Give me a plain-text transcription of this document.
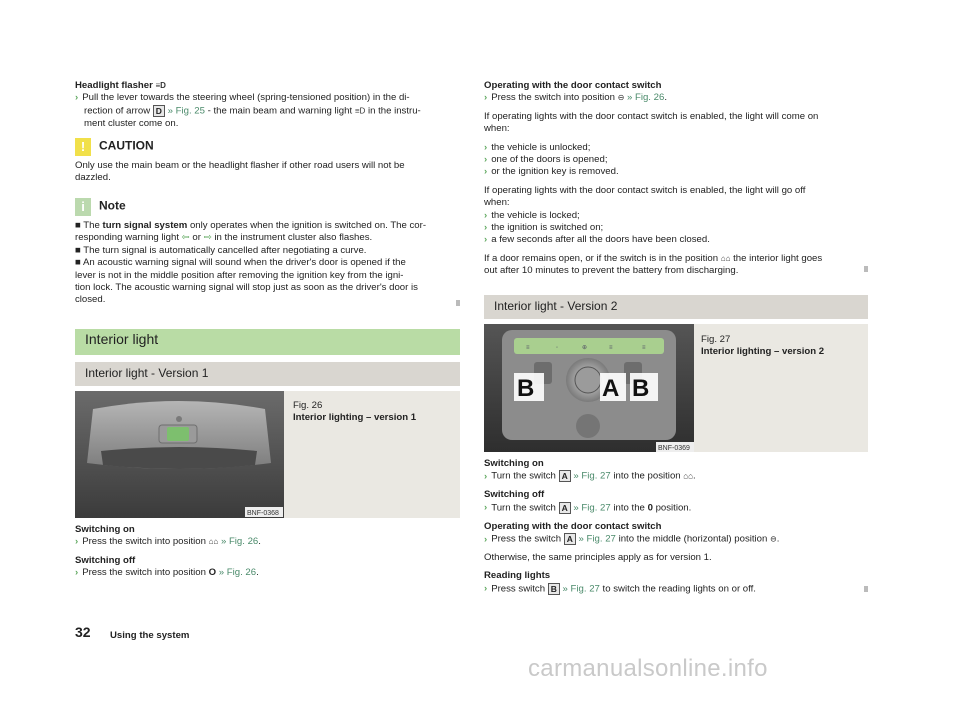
Headlight flasher ≡D

› Pull the lever towards the steering wheel (spring-tensioned position) in the di-

rection of arrow D » Fig. 25 - the main beam and warning light ≡D in the instru-

ment cluster come on.

! CAUTION

Only use the main beam or the headlight flasher if other road users will not be

dazzled.

i Note

■ The turn signal system only operates when the ignition is switched on. The cor-

responding warning light ⇦ or ⇨ in the instrument cluster also flashes.

■ The turn signal is automatically cancelled after negotiating a curve.

■ An acoustic warning signal will sound when the driver's door is opened if the

lever is not in the middle position after removing the ignition key from the igni-

tion lock. The acoustic warning signal will stop just as soon as the driver's door is

closed.

Interior light
Interior light - Version 1
BNF-0368

Fig. 26

Interior lighting – version 1

Switching on

› Press the switch into position ⌂⌂ » Fig. 26.

Switching off

› Press the switch into position O » Fig. 26.

Operating with the door contact switch

› Press the switch into position ⊖ » Fig. 26.

If operating lights with the door contact switch is enabled, the light will come on

when:

› the vehicle is unlocked;

› one of the doors is opened;

› or the ignition key is removed.

If operating lights with the door contact switch is enabled, the light will go off

when:

› the vehicle is locked;

› the ignition is switched on;

› a few seconds after all the doors have been closed.

If a door remains open, or if the switch is in the position ⌂⌂ the interior light goes

out after 10 minutes to prevent the battery from discharging.

Interior light - Version 2
≡	◦	⊕	≡	≡
B	A B
BNF-0369

Fig. 27

Interior lighting – version 2

Switching on

› Turn the switch A » Fig. 27 into the position ⌂⌂.

Switching off

› Turn the switch A » Fig. 27 into the 0 position.

Operating with the door contact switch

› Press the switch A » Fig. 27 into the middle (horizontal) position ⊖.

Otherwise, the same principles apply as for version 1.

Reading lights

› Press switch B » Fig. 27 to switch the reading lights on or off.

32 Using the system
carmanualsonline.info
